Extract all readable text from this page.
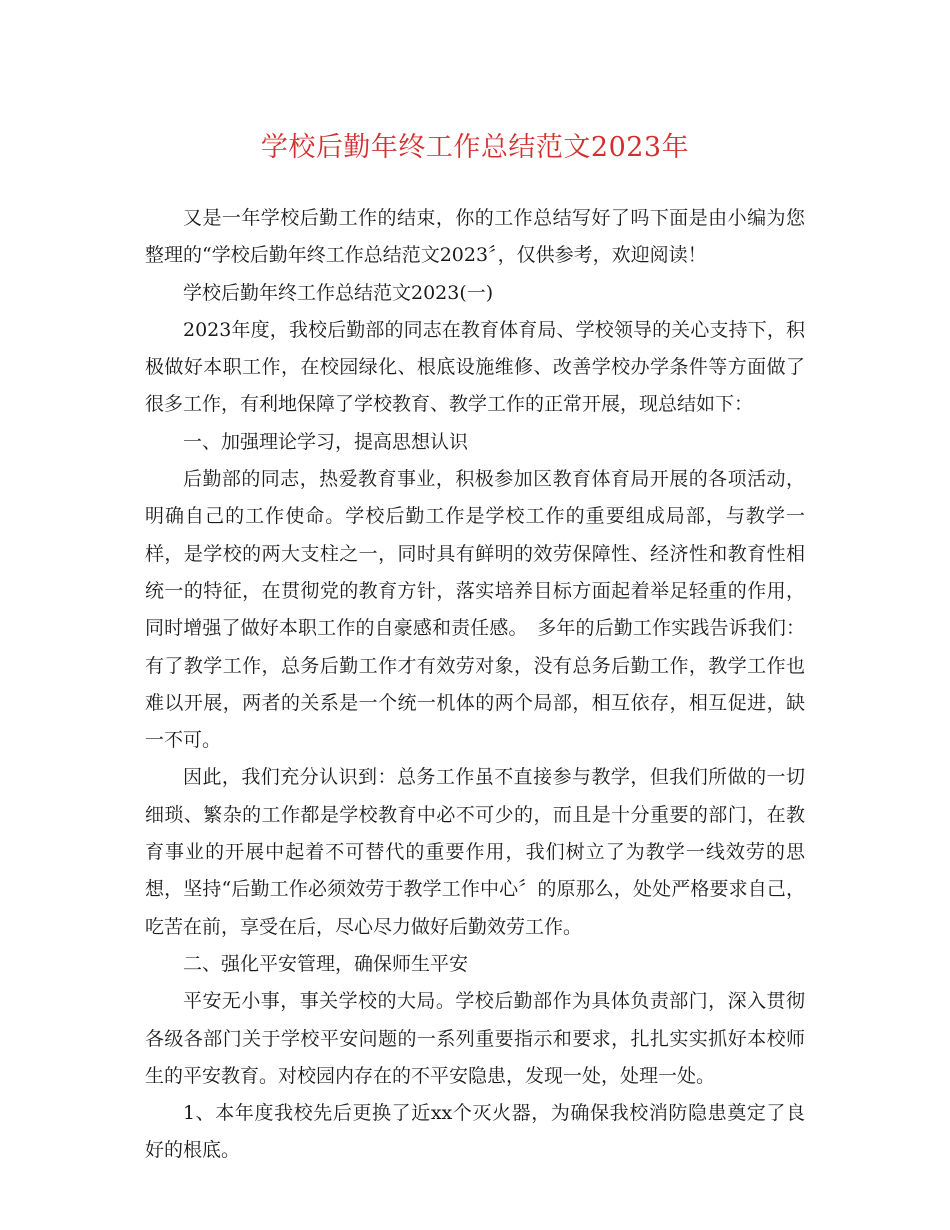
学校后勤年终工作总结范文2023年

又是一年学校后勤工作的结束，你的工作总结写好了吗下面是由小编为您整理的“学校后勤年终工作总结范文2023〞，仅供参考，欢迎阅读！

学校后勤年终工作总结范文2023(一)

2023年度，我校后勤部的同志在教育体育局、学校领导的关心支持下，积极做好本职工作，在校园绿化、根底设施维修、改善学校办学条件等方面做了很多工作，有利地保障了学校教育、教学工作的正常开展，现总结如下：

一、加强理论学习，提高思想认识

后勤部的同志，热爱教育事业，积极参加区教育体育局开展的各项活动，明确自己的工作使命。学校后勤工作是学校工作的重要组成局部，与教学一样，是学校的两大支柱之一，同时具有鲜明的效劳保障性、经济性和教育性相统一的特征，在贯彻党的教育方针，落实培养目标方面起着举足轻重的作用，同时增强了做好本职工作的自豪感和责任感。　多年的后勤工作实践告诉我们：有了教学工作，总务后勤工作才有效劳对象，没有总务后勤工作，教学工作也难以开展，两者的关系是一个统一机体的两个局部，相互依存，相互促进，缺一不可。

因此，我们充分认识到：总务工作虽不直接参与教学，但我们所做的一切细琐、繁杂的工作都是学校教育中必不可少的，而且是十分重要的部门，在教育事业的开展中起着不可替代的重要作用，我们树立了为教学一线效劳的思想，坚持“后勤工作必须效劳于教学工作中心〞的原那么，处处严格要求自己，吃苦在前，享受在后，尽心尽力做好后勤效劳工作。

二、强化平安管理，确保师生平安

平安无小事，事关学校的大局。学校后勤部作为具体负责部门，深入贯彻各级各部门关于学校平安问题的一系列重要指示和要求，扎扎实实抓好本校师生的平安教育。对校园内存在的不平安隐患，发现一处，处理一处。

1、本年度我校先后更换了近xx个灭火器，为确保我校消防隐患奠定了良好的根底。
